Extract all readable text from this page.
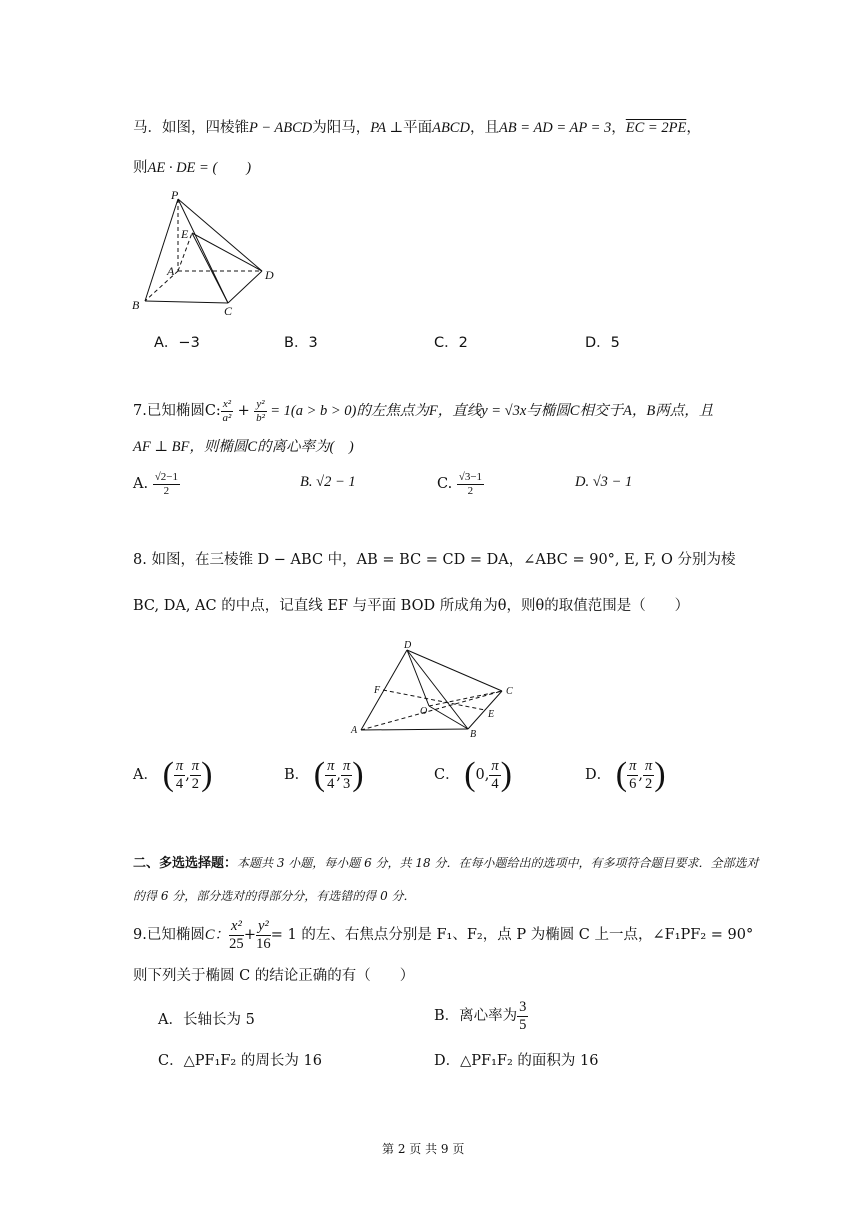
马．如图，四棱锥P − ABCD为阳马，PA ⊥平面ABCD，且AB = AD = AP = 3，EC = 2PE，
则AE · DE = (　　)
P
E
A	D
B	C
A．−3	B．3	C．2	D．5
7.已知椭圆C: $\frac{\text{x²}}{\text{a²}} + \frac{\text{y²}}{\text{b²}} = 1(a > b > 0)$的左焦点为F，直线y = √3x与椭圆C相交于A，B两点，且
AF ⊥ BF，则椭圆C的离心率为(　)
A. $\frac{√2-1}{2}$	B. √2 − 1	C. $\frac{√3-1}{2}$	D. √3 − 1
8. 如图，在三棱锥 D − ABC 中，AB = BC = CD = DA，∠ABC = 90°, E, F, O 分别为棱
BC, DA, AC 的中点，记直线 EF 与平面 BOD 所成角为θ，则θ的取值范围是（　　）
D
F	C
O	E
A	B
A． ( $\frac{\pi}{4}$ , $\frac{\pi}{2}$ )	B． ( $\frac{\pi}{4}$ , $\frac{\pi}{3}$ )	C． (0, $\frac{\pi}{4}$ )	D． ( $\frac{\pi}{6}$ , $\frac{\pi}{2}$ )
二、多选选择题：本题共 3 小题，每小题 6 分，共 18 分．在每小题给出的选项中，有多项符合题目要求．全部选对
的得 6 分，部分选对的得部分分，有选错的得 0 分．
9.已知椭圆C： $\frac{\text{x²}}{25} + \frac{\text{y²}}{16} = 1$ 的左、右焦点分别是 F₁、F₂，点 P 为椭圆 C 上一点，∠F₁PF₂ = 90°
则下列关于椭圆 C 的结论正确的有（　　）
A．长轴长为 5	B．离心率为 $\frac{3}{5}$
C．△PF₁F₂ 的周长为 16	D．△PF₁F₂ 的面积为 16
第 2 页 共 9 页
